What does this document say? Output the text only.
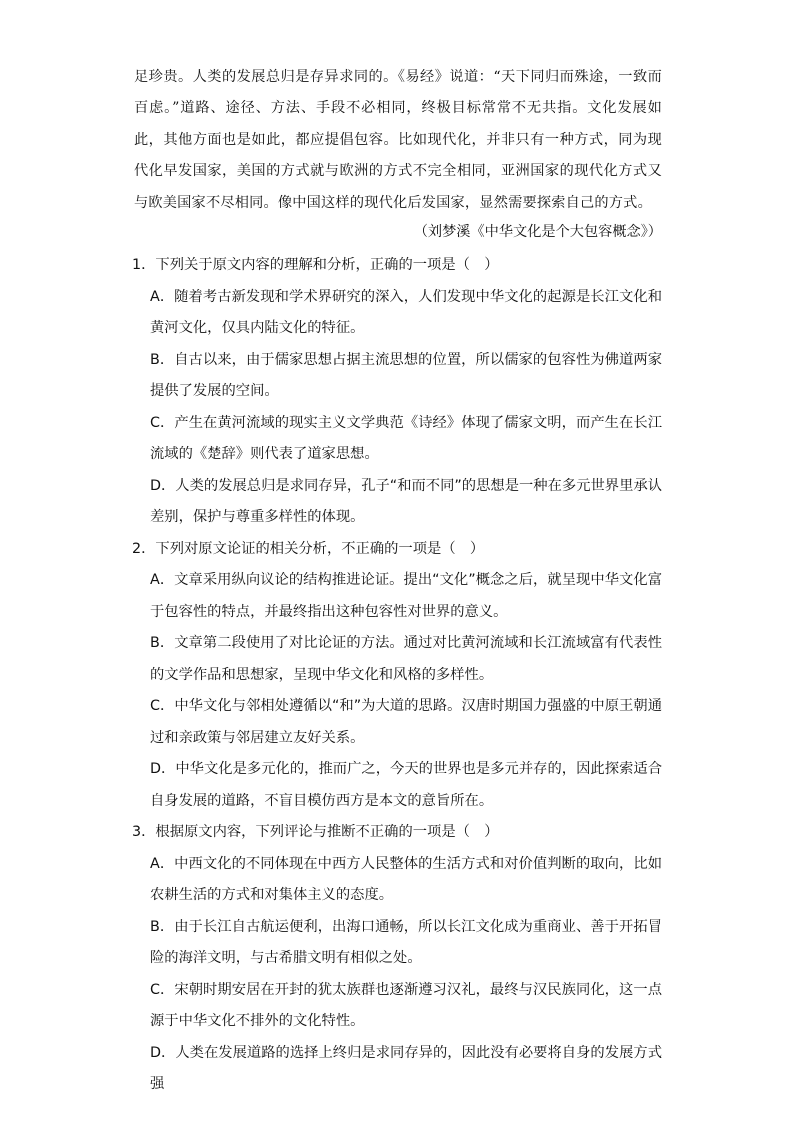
足珍贵。人类的发展总归是存异求同的。《易经》说道：“天下同归而殊途，一致而百虑。”道路、途径、方法、手段不必相同，终极目标常常不无共指。文化发展如此，其他方面也是如此，都应提倡包容。比如现代化，并非只有一种方式，同为现代化早发国家，美国的方式就与欧洲的方式不完全相同，亚洲国家的现代化方式又与欧美国家不尽相同。像中国这样的现代化后发国家，显然需要探索自己的方式。
（刘梦溪《中华文化是个大包容概念》）

1．下列关于原文内容的理解和分析，正确的一项是（　）

A．随着考古新发现和学术界研究的深入，人们发现中华文化的起源是长江文化和黄河文化，仅具内陆文化的特征。

B．自古以来，由于儒家思想占据主流思想的位置，所以儒家的包容性为佛道两家提供了发展的空间。

C．产生在黄河流域的现实主义文学典范《诗经》体现了儒家文明，而产生在长江流域的《楚辞》则代表了道家思想。

D．人类的发展总归是求同存异，孔子“和而不同”的思想是一种在多元世界里承认差别，保护与尊重多样性的体现。

2．下列对原文论证的相关分析，不正确的一项是（　）

A．文章采用纵向议论的结构推进论证。提出“文化”概念之后，就呈现中华文化富于包容性的特点，并最终指出这种包容性对世界的意义。

B．文章第二段使用了对比论证的方法。通过对比黄河流域和长江流域富有代表性的文学作品和思想家，呈现中华文化和风格的多样性。

C．中华文化与邻相处遵循以“和”为大道的思路。汉唐时期国力强盛的中原王朝通过和亲政策与邻居建立友好关系。

D．中华文化是多元化的，推而广之，今天的世界也是多元并存的，因此探索适合自身发展的道路，不盲目模仿西方是本文的意旨所在。

3．根据原文内容，下列评论与推断不正确的一项是（　）

A．中西文化的不同体现在中西方人民整体的生活方式和对价值判断的取向，比如农耕生活的方式和对集体主义的态度。

B．由于长江自古航运便利，出海口通畅，所以长江文化成为重商业、善于开拓冒险的海洋文明，与古希腊文明有相似之处。

C．宋朝时期安居在开封的犹太族群也逐渐遵习汉礼，最终与汉民族同化，这一点源于中华文化不排外的文化特性。

D．人类在发展道路的选择上终归是求同存异的，因此没有必要将自身的发展方式强
